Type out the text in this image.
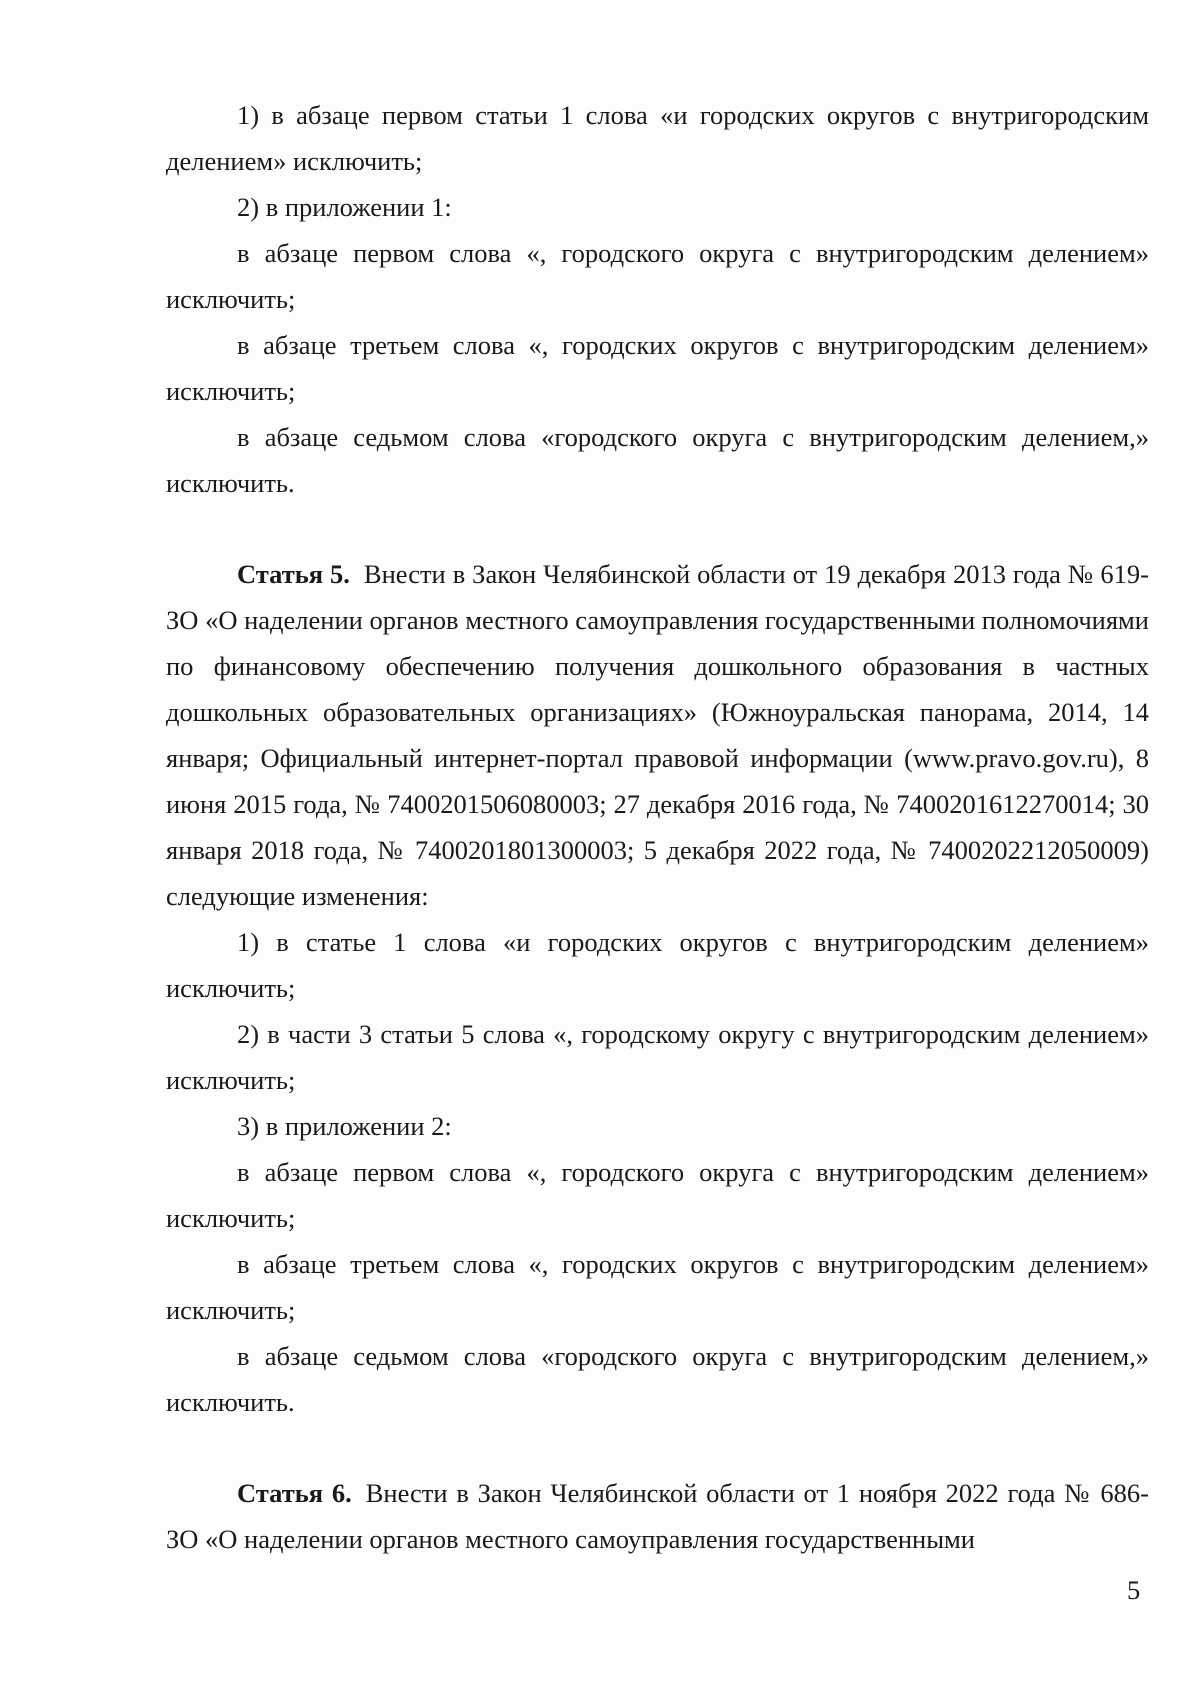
1) в абзаце первом статьи 1 слова «и городских округов с внутригородским делением» исключить;

2) в приложении 1:

в абзаце первом слова «, городского округа с внутригородским делением» исключить;

в абзаце третьем слова «, городских округов с внутригородским делением» исключить;

в абзаце седьмом слова «городского округа с внутригородским делением,» исключить.

Статья 5. Внести в Закон Челябинской области от 19 декабря 2013 года № 619-ЗО «О наделении органов местного самоуправления государственными полномочиями по финансовому обеспечению получения дошкольного образования в частных дошкольных образовательных организациях» (Южноуральская панорама, 2014, 14 января; Официальный интернет-портал правовой информации (www.pravo.gov.ru), 8 июня 2015 года, № 7400201506080003; 27 декабря 2016 года, № 7400201612270014; 30 января 2018 года, № 7400201801300003; 5 декабря 2022 года, № 7400202212050009) следующие изменения:

1) в статье 1 слова «и городских округов с внутригородским делением» исключить;

2) в части 3 статьи 5 слова «, городскому округу с внутригородским делением» исключить;

3) в приложении 2:

в абзаце первом слова «, городского округа с внутригородским делением» исключить;

в абзаце третьем слова «, городских округов с внутригородским делением» исключить;

в абзаце седьмом слова «городского округа с внутригородским делением,» исключить.

Статья 6. Внести в Закон Челябинской области от 1 ноября 2022 года № 686-ЗО «О наделении органов местного самоуправления государственными

5
